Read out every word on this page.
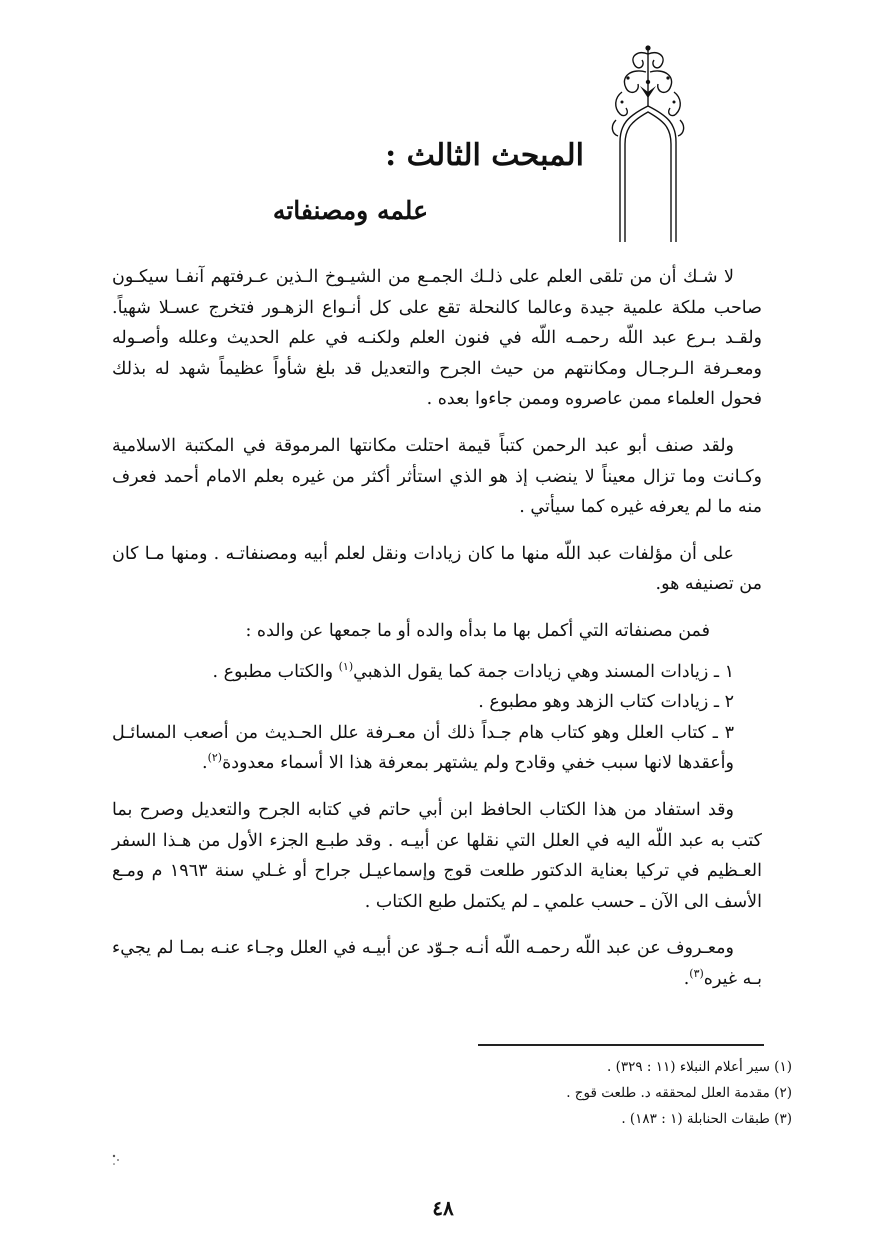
المبحث الثالث :
علمه ومصنفاته

لا شـك أن من تلقى العلم على ذلـك الجمـع من الشيـوخ الـذين عـرفتهم آنفـا سيكـون صاحب ملكة علمية جيدة وعالما كالنحلة تقع على كل أنـواع الزهـور فتخرج عسـلا شهياً. ولقـد بـرع عبد اللّه رحمـه اللّه في فنون العلم ولكنـه في علم الحديث وعلله وأصـوله ومعـرفة الـرجـال ومكانتهم من حيث الجرح والتعديل قد بلغ شأواً عظيماً شهد له بذلك فحول العلماء ممن عاصروه وممن جاءوا بعده .

ولقد صنف أبو عبد الرحمن كتباً قيمة احتلت مكانتها المرموقة في المكتبة الاسلامية وكـانت وما تزال معيناً لا ينضب إذ هو الذي استأثر أكثر من غيره بعلم الامام أحمد فعرف منه ما لم يعرفه غيره كما سيأتي .

على أن مؤلفات عبد اللّه منها ما كان زيادات ونقل لعلم أبيه ومصنفاتـه . ومنها مـا كان من تصنيفه هو.

فمن مصنفاته التي أكمل بها ما بدأه والده أو ما جمعها عن والده :

١ ـ زيادات المسند وهي زيادات جمة كما يقول الذهبي$^{(١)}$ والكتاب مطبوع .

٢ ـ زيادات كتاب الزهد وهو مطبوع .

٣ ـ كتاب العلل وهو كتاب هام جـداً ذلك أن معـرفة علل الحـديث من أصعب المسائـل وأعقدها لانها سبب خفي وقادح ولم يشتهر بمعرفة هذا الا أسماء معدودة$^{(٢)}$.

وقد استفاد من هذا الكتاب الحافظ ابن أبي حاتم في كتابه الجرح والتعديل وصرح بما كتب به عبد اللّه اليه في العلل التي نقلها عن أبيـه . وقد طبـع الجزء الأول من هـذا السفر العـظيم في تركيا بعناية الدكتور طلعت قوج وإسماعيـل جراح أو غـلي سنة ١٩٦٣ م ومـع الأسف الى الآن ـ حسب علمي ـ لم يكتمل طبع الكتاب .

ومعـروف عن عبد اللّه رحمـه اللّه أنـه جـوّد عن أبيـه في العلل وجـاء عنـه بمـا لم يجيء بـه غيره$^{(٣)}$.

(١) سير أعلام النبلاء (١١ : ٣٢٩) .
(٢) مقدمة العلل لمحققه د. طلعت قوج .
(٣) طبقات الحنابلة (١ : ١٨٣) .
٤٨
